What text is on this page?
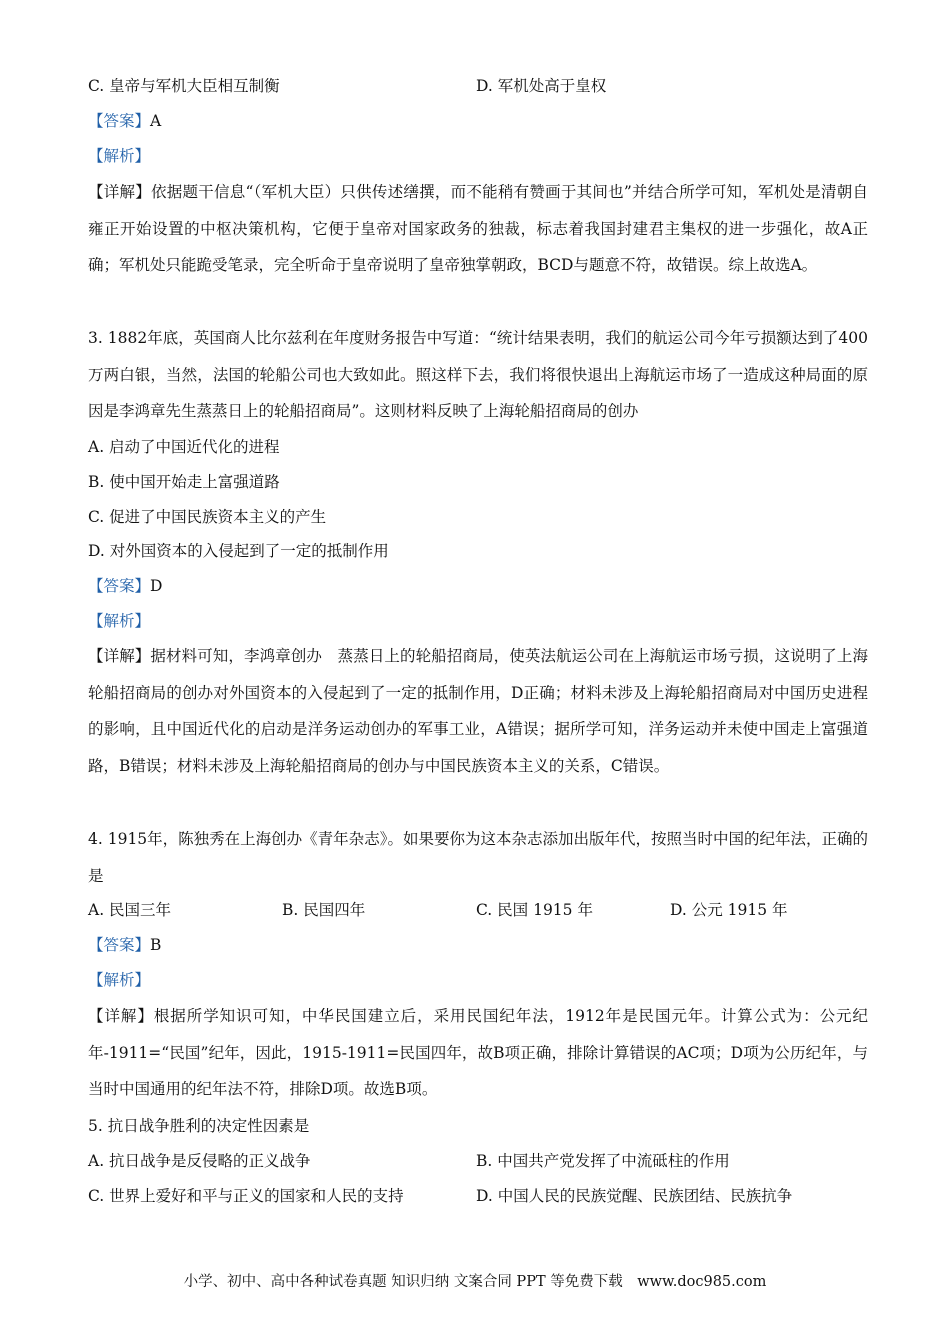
C. 皇帝与军机大臣相互制衡	D. 军机处高于皇权
【答案】A
【解析】
【详解】依据题干信息“（军机大臣）只供传述缮撰，而不能稍有赞画于其间也”并结合所学可知，军机处是清朝自雍正开始设置的中枢决策机构，它便于皇帝对国家政务的独裁，标志着我国封建君主集权的进一步强化，故A正确；军机处只能跪受笔录，完全听命于皇帝说明了皇帝独掌朝政，BCD与题意不符，故错误。综上故选A。
3. 1882年底，英国商人比尔兹利在年度财务报告中写道：“统计结果表明，我们的航运公司今年亏损额达到了400万两白银，当然，法国的轮船公司也大致如此。照这样下去，我们将很快退出上海航运市场了一造成这种局面的原因是李鸿章先生蒸蒸日上的轮船招商局”。这则材料反映了上海轮船招商局的创办
A. 启动了中国近代化的进程
B. 使中国开始走上富强道路
C. 促进了中国民族资本主义的产生
D. 对外国资本的入侵起到了一定的抵制作用
【答案】D
【解析】
【详解】据材料可知，李鸿章创办　蒸蒸日上的轮船招商局，使英法航运公司在上海航运市场亏损，这说明了上海轮船招商局的创办对外国资本的入侵起到了一定的抵制作用，D正确；材料未涉及上海轮船招商局对中国历史进程的影响，且中国近代化的启动是洋务运动创办的军事工业，A错误；据所学可知，洋务运动并未使中国走上富强道路，B错误；材料未涉及上海轮船招商局的创办与中国民族资本主义的关系，C错误。
4. 1915年，陈独秀在上海创办《青年杂志》。如果要你为这本杂志添加出版年代，按照当时中国的纪年法，正确的是
A. 民国三年	B. 民国四年	C. 民国 1915 年	D. 公元 1915 年
【答案】B
【解析】
【详解】根据所学知识可知，中华民国建立后，采用民国纪年法，1912年是民国元年。计算公式为：公元纪年-1911=“民国”纪年，因此，1915-1911=民国四年，故B项正确，排除计算错误的AC项；D项为公历纪年，与当时中国通用的纪年法不符，排除D项。故选B项。
5. 抗日战争胜利的决定性因素是
A. 抗日战争是反侵略的正义战争	B. 中国共产党发挥了中流砥柱的作用
C. 世界上爱好和平与正义的国家和人民的支持	D. 中国人民的民族觉醒、民族团结、民族抗争
小学、初中、高中各种试卷真题 知识归纳 文案合同 PPT 等免费下载　www.doc985.com
